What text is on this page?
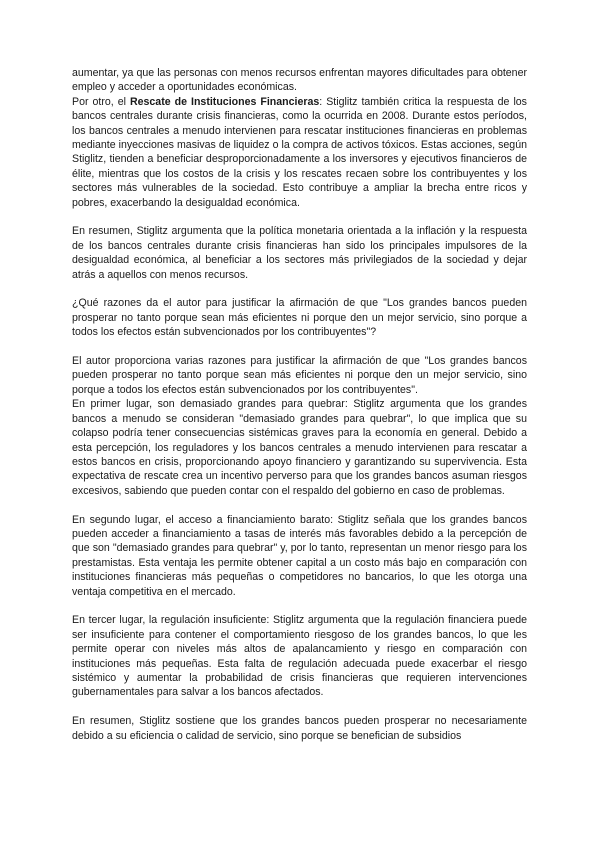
aumentar, ya que las personas con menos recursos enfrentan mayores dificultades para obtener empleo y acceder a oportunidades económicas.

Por otro, el Rescate de Instituciones Financieras: Stiglitz también critica la respuesta de los bancos centrales durante crisis financieras, como la ocurrida en 2008. Durante estos períodos, los bancos centrales a menudo intervienen para rescatar instituciones financieras en problemas mediante inyecciones masivas de liquidez o la compra de activos tóxicos. Estas acciones, según Stiglitz, tienden a beneficiar desproporcionadamente a los inversores y ejecutivos financieros de élite, mientras que los costos de la crisis y los rescates recaen sobre los contribuyentes y los sectores más vulnerables de la sociedad. Esto contribuye a ampliar la brecha entre ricos y pobres, exacerbando la desigualdad económica.

En resumen, Stiglitz argumenta que la política monetaria orientada a la inflación y la respuesta de los bancos centrales durante crisis financieras han sido los principales impulsores de la desigualdad económica, al beneficiar a los sectores más privilegiados de la sociedad y dejar atrás a aquellos con menos recursos.

¿Qué razones da el autor para justificar la afirmación de que "Los grandes bancos pueden prosperar no tanto porque sean más eficientes ni porque den un mejor servicio, sino porque a todos los efectos están subvencionados por los contribuyentes"?

El autor proporciona varias razones para justificar la afirmación de que "Los grandes bancos pueden prosperar no tanto porque sean más eficientes ni porque den un mejor servicio, sino porque a todos los efectos están subvencionados por los contribuyentes".

En primer lugar, son demasiado grandes para quebrar: Stiglitz argumenta que los grandes bancos a menudo se consideran "demasiado grandes para quebrar", lo que implica que su colapso podría tener consecuencias sistémicas graves para la economía en general. Debido a esta percepción, los reguladores y los bancos centrales a menudo intervienen para rescatar a estos bancos en crisis, proporcionando apoyo financiero y garantizando su supervivencia. Esta expectativa de rescate crea un incentivo perverso para que los grandes bancos asuman riesgos excesivos, sabiendo que pueden contar con el respaldo del gobierno en caso de problemas.

En segundo lugar, el acceso a financiamiento barato: Stiglitz señala que los grandes bancos pueden acceder a financiamiento a tasas de interés más favorables debido a la percepción de que son "demasiado grandes para quebrar" y, por lo tanto, representan un menor riesgo para los prestamistas. Esta ventaja les permite obtener capital a un costo más bajo en comparación con instituciones financieras más pequeñas o competidores no bancarios, lo que les otorga una ventaja competitiva en el mercado.

En tercer lugar, la regulación insuficiente: Stiglitz argumenta que la regulación financiera puede ser insuficiente para contener el comportamiento riesgoso de los grandes bancos, lo que les permite operar con niveles más altos de apalancamiento y riesgo en comparación con instituciones más pequeñas. Esta falta de regulación adecuada puede exacerbar el riesgo sistémico y aumentar la probabilidad de crisis financieras que requieren intervenciones gubernamentales para salvar a los bancos afectados.

En resumen, Stiglitz sostiene que los grandes bancos pueden prosperar no necesariamente debido a su eficiencia o calidad de servicio, sino porque se benefician de subsidios
